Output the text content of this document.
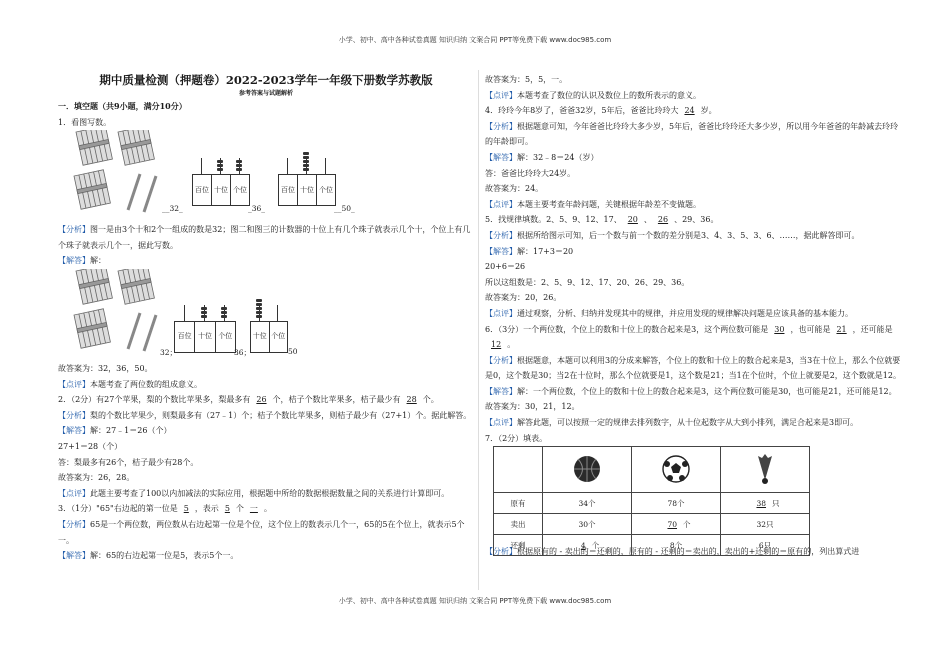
小学、初中、高中各种试卷真题 知识归纳 文案合同 PPT等免费下载 www.doc985.com
期中质量检测（押题卷）2022-2023学年一年级下册数学苏教版
参考答案与试题解析
一．填空题（共9小题，满分10分）
1．看图写数。
__32_
百位 十位 个位
_36_
百位 十位 个位
__50_
【分析】图一是由3个十和2个一组成的数是32；图二和图三的计数器的十位上有几个珠子就表示几个十，个位上有几个珠子就表示几个一，据此写数。
【解答】解：
32；
百位 十位 个位
36；
十位 个位
50
故答案为：32，36，50。
【点评】本题考查了两位数的组成意义。
2．（2分）有27个苹果，梨的个数比苹果多，梨最多有 26 个，桔子个数比苹果多，桔子最少有 28 个。
【分析】梨的个数比苹果少，则梨最多有（27﹣1）个；桔子个数比苹果多，则桔子最少有（27+1）个。据此解答。
【解答】解：27﹣1＝26（个）
27+1＝28（个）
答：梨最多有26个，桔子最少有28个。
故答案为：26，28。
【点评】此题主要考查了100以内加减法的实际应用，根据题中所给的数据根据数量之间的关系进行计算即可。
3．（1分）"65"右边起的第一位是 5 ，表示 5 个 一 。
【分析】65是一个两位数，两位数从右边起第一位是个位，这个位上的数表示几个一，65的5在个位上，就表示5个一。
【解答】解：65的右边起第一位是5，表示5个一。
故答案为：5，5，一。
【点评】本题考查了数位的认识及数位上的数所表示的意义。
4．玲玲今年8岁了，爸爸32岁，5年后，爸爸比玲玲大 24 岁。
【分析】根据题意可知，今年爸爸比玲玲大多少岁，5年后，爸爸比玲玲还大多少岁，所以用今年爸爸的年龄减去玲玲的年龄即可。
【解答】解：32﹣8＝24（岁）
答：爸爸比玲玲大24岁。
故答案为：24。
【点评】本题主要考查年龄问题，关键根据年龄差不变做题。
5．找规律填数。2、5、9、12、17、 20 、 26 、29、36。
【分析】根据所给图示可知，后一个数与前一个数的差分别是3、4、3、5、3、6、……，据此解答即可。
【解答】解：17+3＝20
20+6＝26
所以这组数是：2、5、9、12、17、20、26、29、36。
故答案为：20，26。
【点评】通过观察，分析、归纳并发现其中的规律，并应用发现的规律解决问题是应该具备的基本能力。
6．（3分）一个两位数，个位上的数和十位上的数合起来是3，这个两位数可能是 30 ，也可能是 21 ，还可能是12 。
【分析】根据题意，本题可以利用3的分成来解答，个位上的数和十位上的数合起来是3，当3在十位上，那么个位就要是0，这个数是30；当2在十位时，那么个位就要是1，这个数是21；当1在个位时，个位上就要是2，这个数就是12。
【解答】解：一个两位数，个位上的数和十位上的数合起来是3，这个两位数可能是30，也可能是21，还可能是12。
故答案为：30，21，12。
【点评】解答此题，可以按照一定的规律去排列数字，从十位起数字从大到小排列，满足合起来是3即可。
7．（2分）填表。

原有	34个	78个	38 只
卖出	30个	70 个	32只
还剩	4 个	8个	6只
【分析】根据原有的 - 卖出的＝还剩的，原有的 - 还剩的＝卖出的，卖出的+还剩的＝原有的，列出算式进
小学、初中、高中各种试卷真题 知识归纳 文案合同 PPT等免费下载 www.doc985.com
